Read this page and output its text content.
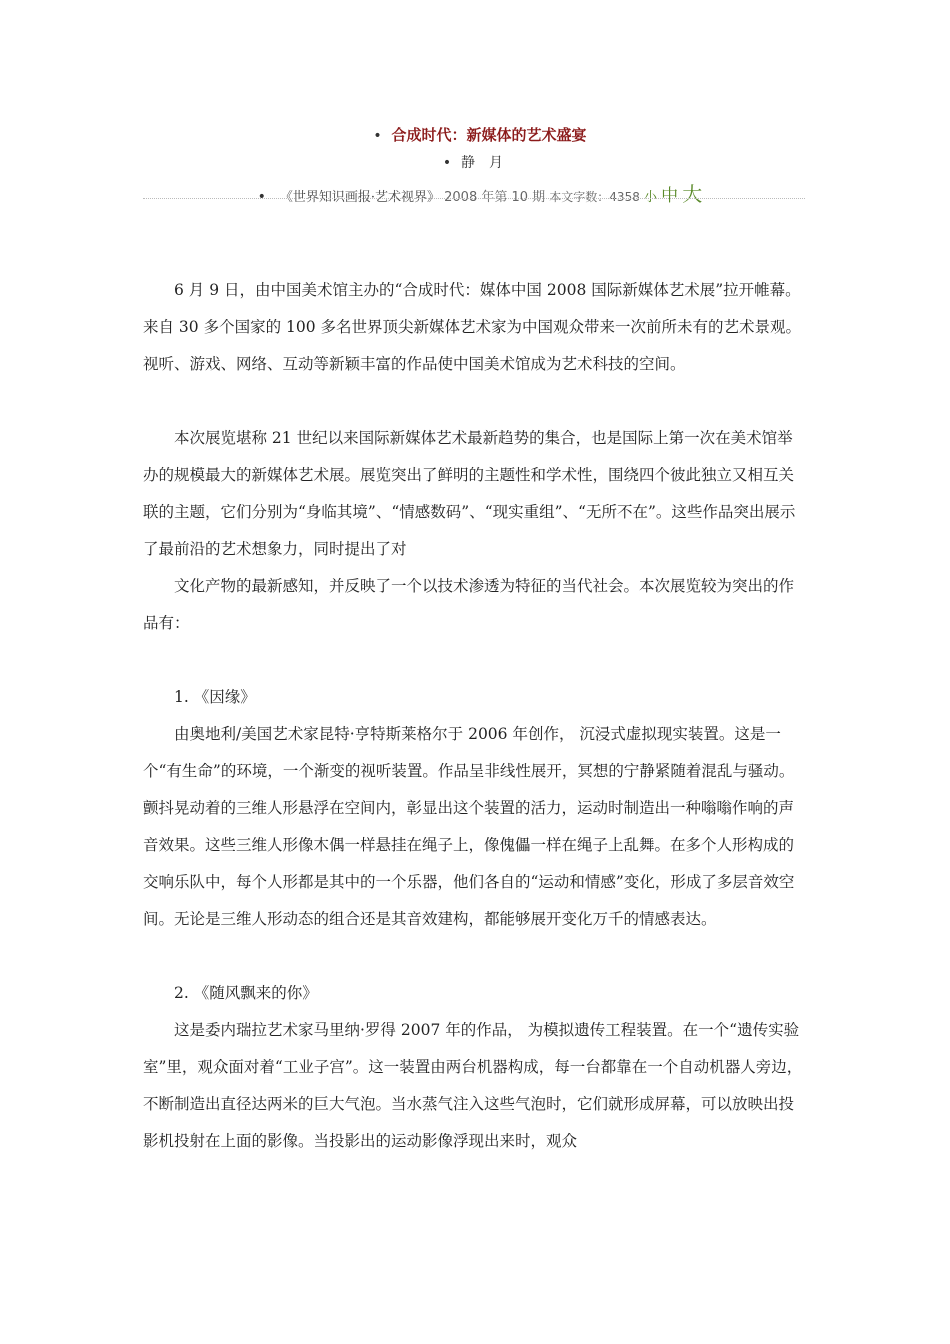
• 合成时代：新媒体的艺术盛宴
• 静月
• 《世界知识画报·艺术视界》 2008 年第 10 期 本文字数：4358 小 中 大

6 月 9 日，由中国美术馆主办的“合成时代：媒体中国 2008 国际新媒体艺术展”拉开帷幕。来自 30 多个国家的 100 多名世界顶尖新媒体艺术家为中国观众带来一次前所未有的艺术景观。视听、游戏、网络、互动等新颖丰富的作品使中国美术馆成为艺术科技的空间。

本次展览堪称 21 世纪以来国际新媒体艺术最新趋势的集合，也是国际上第一次在美术馆举办的规模最大的新媒体艺术展。展览突出了鲜明的主题性和学术性，围绕四个彼此独立又相互关联的主题，它们分别为“身临其境”、“情感数码”、“现实重组”、“无所不在”。这些作品突出展示了最前沿的艺术想象力，同时提出了对

文化产物的最新感知，并反映了一个以技术渗透为特征的当代社会。本次展览较为突出的作品有：

1. 《因缘》

由奥地利/美国艺术家昆特·亨特斯莱格尔于 2006 年创作， 沉浸式虚拟现实装置。这是一个“有生命”的环境，一个渐变的视听装置。作品呈非线性展开，冥想的宁静紧随着混乱与骚动。颤抖晃动着的三维人形悬浮在空间内，彰显出这个装置的活力，运动时制造出一种嗡嗡作响的声音效果。这些三维人形像木偶一样悬挂在绳子上，像傀儡一样在绳子上乱舞。在多个人形构成的交响乐队中，每个人形都是其中的一个乐器，他们各自的“运动和情感”变化，形成了多层音效空间。无论是三维人形动态的组合还是其音效建构，都能够展开变化万千的情感表达。

2. 《随风飘来的你》

这是委内瑞拉艺术家马里纳·罗得 2007 年的作品， 为模拟遗传工程装置。在一个“遗传实验室”里，观众面对着“工业子宫”。这一装置由两台机器构成，每一台都靠在一个自动机器人旁边，不断制造出直径达两米的巨大气泡。当水蒸气注入这些气泡时，它们就形成屏幕，可以放映出投影机投射在上面的影像。当投影出的运动影像浮现出来时，观众
